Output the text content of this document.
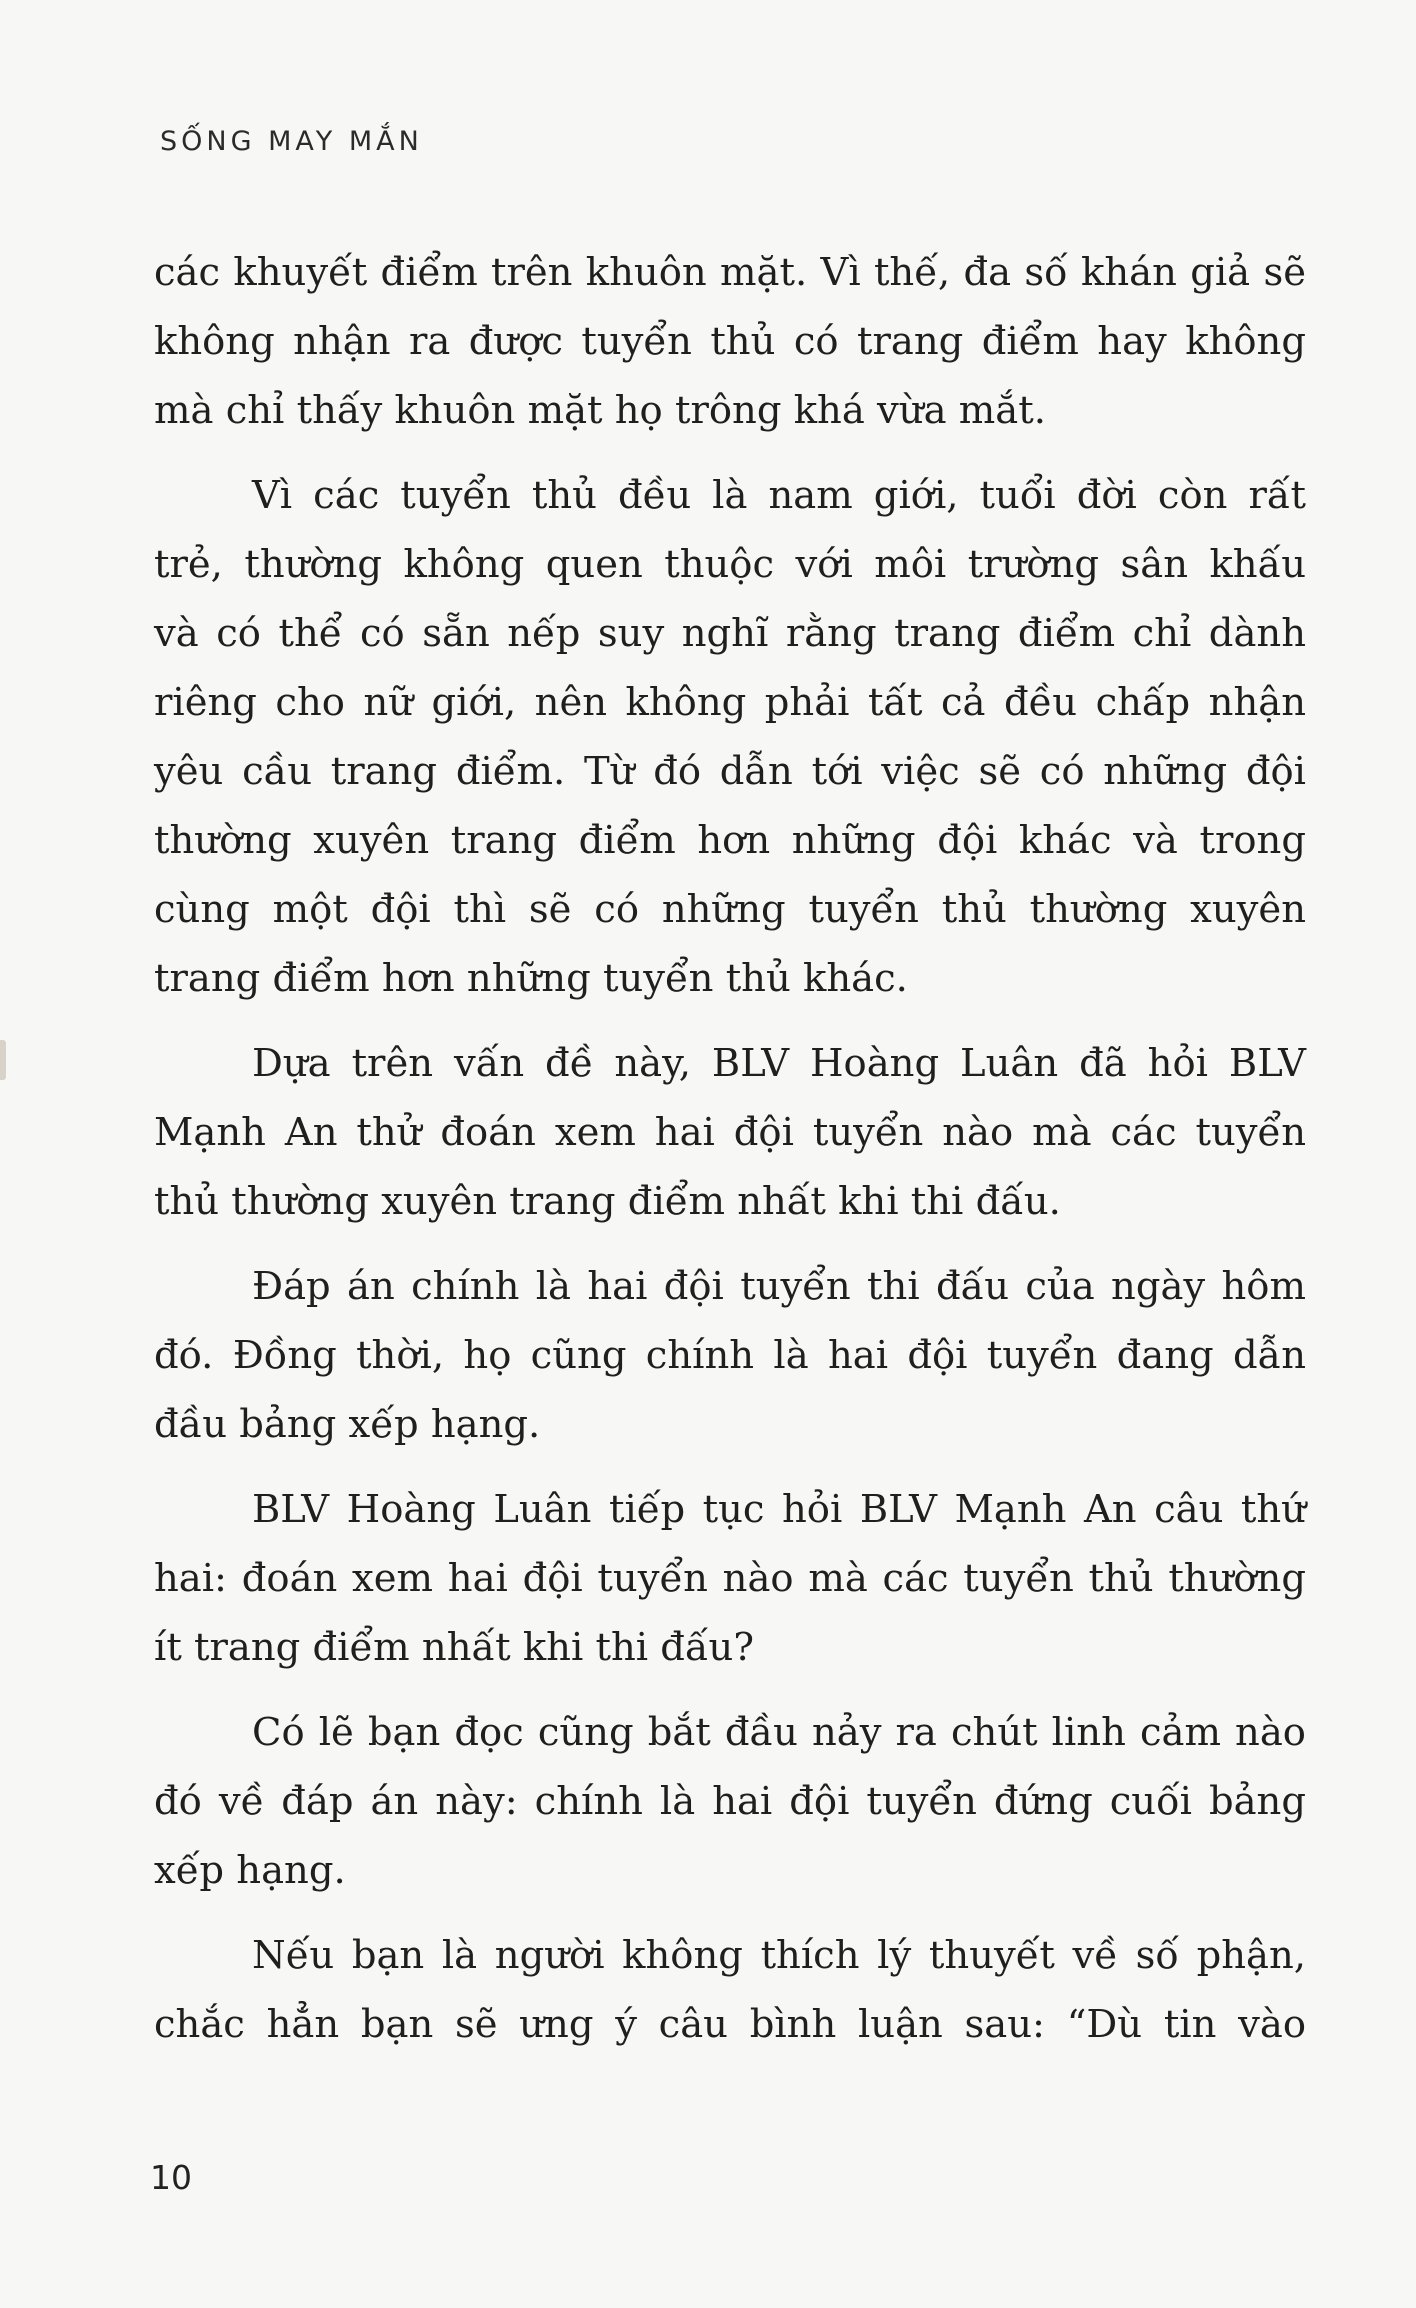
SỐNG MAY MẮN
các khuyết điểm trên khuôn mặt. Vì thế, đa số khán giả sẽ
không nhận ra được tuyển thủ có trang điểm hay không
mà chỉ thấy khuôn mặt họ trông khá vừa mắt.
Vì các tuyển thủ đều là nam giới, tuổi đời còn rất
trẻ, thường không quen thuộc với môi trường sân khấu
và có thể có sẵn nếp suy nghĩ rằng trang điểm chỉ dành
riêng cho nữ giới, nên không phải tất cả đều chấp nhận
yêu cầu trang điểm. Từ đó dẫn tới việc sẽ có những đội
thường xuyên trang điểm hơn những đội khác và trong
cùng một đội thì sẽ có những tuyển thủ thường xuyên
trang điểm hơn những tuyển thủ khác.
Dựa trên vấn đề này, BLV Hoàng Luân đã hỏi BLV
Mạnh An thử đoán xem hai đội tuyển nào mà các tuyển
thủ thường xuyên trang điểm nhất khi thi đấu.
Đáp án chính là hai đội tuyển thi đấu của ngày hôm
đó. Đồng thời, họ cũng chính là hai đội tuyển đang dẫn
đầu bảng xếp hạng.
BLV Hoàng Luân tiếp tục hỏi BLV Mạnh An câu thứ
hai: đoán xem hai đội tuyển nào mà các tuyển thủ thường
ít trang điểm nhất khi thi đấu?
Có lẽ bạn đọc cũng bắt đầu nảy ra chút linh cảm nào
đó về đáp án này: chính là hai đội tuyển đứng cuối bảng
xếp hạng.
Nếu bạn là người không thích lý thuyết về số phận,
chắc hẳn bạn sẽ ưng ý câu bình luận sau: “Dù tin vào
10
